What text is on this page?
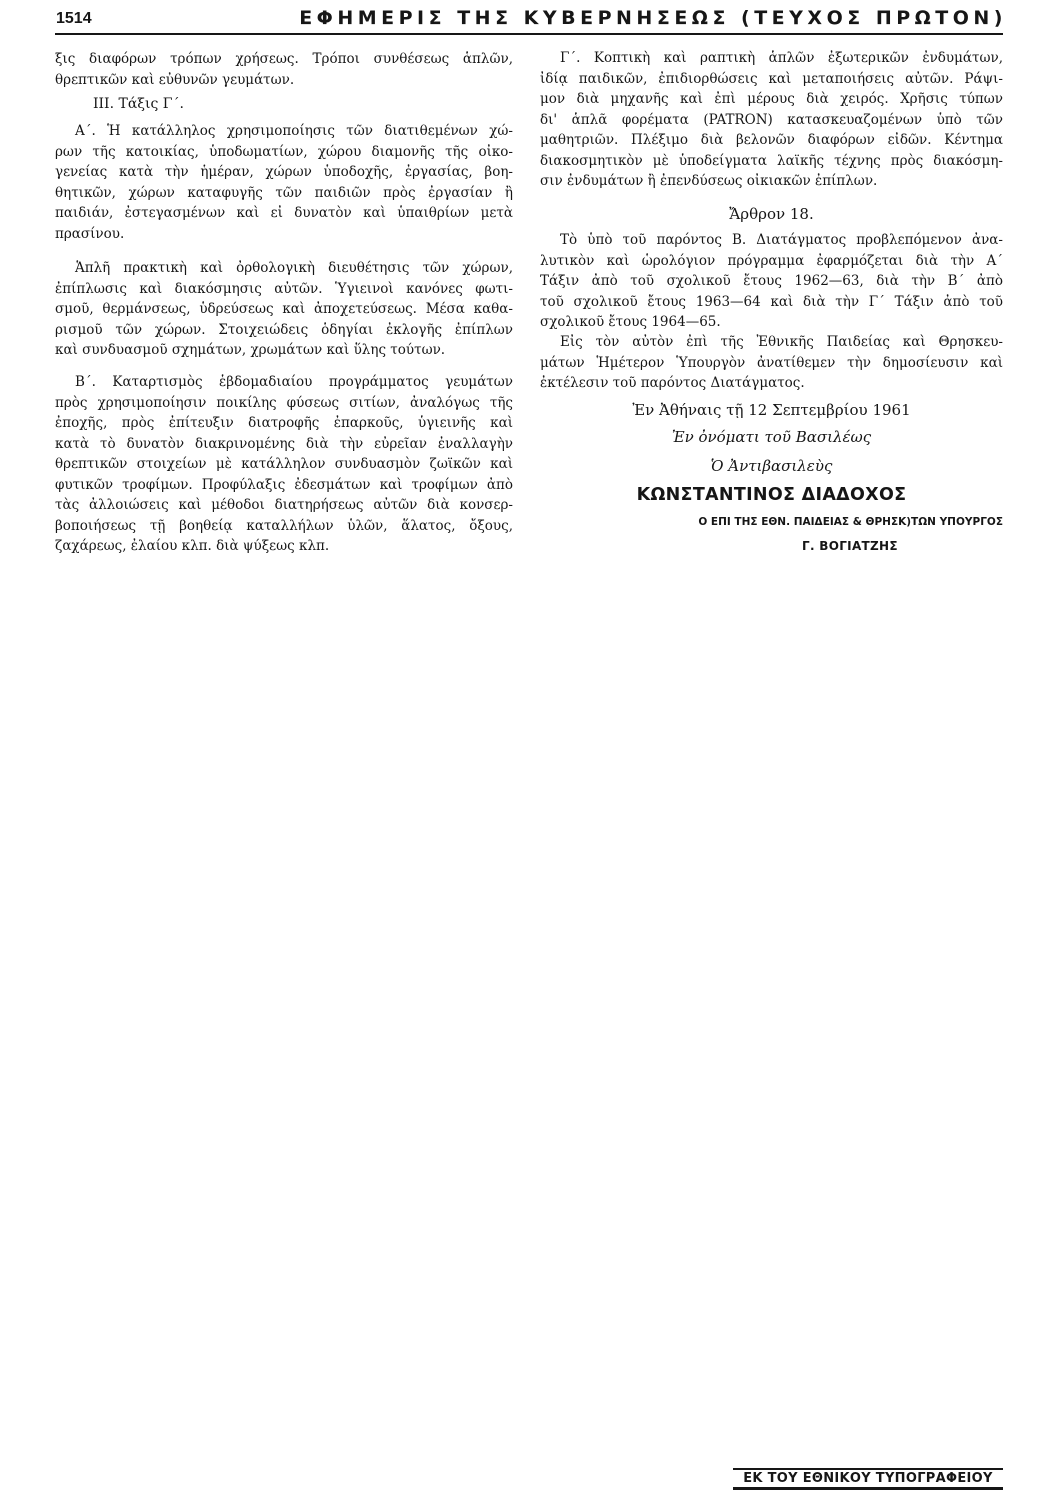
1514	ΕΦΗΜΕΡΙΣ ΤΗΣ ΚΥΒΕΡΝΗΣΕΩΣ (ΤΕΥΧΟΣ ΠΡΩΤΟΝ)
ξις διαφόρων τρόπων χρήσεως. Τρόποι συνθέσεως ἁπλῶν,
θρεπτικῶν καὶ εὐθυνῶν γευμάτων.
III. Τάξις Γ΄.
Α΄. Ἡ κατάλληλος χρησιμοποίησις τῶν διατιθεμένων χώ-
ρων τῆς κατοικίας, ὑποδωματίων, χώρου διαμονῆς τῆς οἰκο-
γενείας κατὰ τὴν ἡμέραν, χώρων ὑποδοχῆς, ἐργασίας, βοη-
θητικῶν, χώρων καταφυγῆς τῶν παιδιῶν πρὸς ἐργασίαν ἢ
παιδιάν, ἐστεγασμένων καὶ εἰ δυνατὸν καὶ ὑπαιθρίων μετὰ
πρασίνου.
Ἁπλῆ πρακτικὴ καὶ ὀρθολογικὴ διευθέτησις τῶν χώρων,
ἐπίπλωσις καὶ διακόσμησις αὐτῶν. Ὑγιεινοὶ κανόνες φωτι-
σμοῦ, θερμάνσεως, ὑδρεύσεως καὶ ἀποχετεύσεως. Μέσα καθα-
ρισμοῦ τῶν χώρων. Στοιχειώδεις ὁδηγίαι ἐκλογῆς ἐπίπλων
καὶ συνδυασμοῦ σχημάτων, χρωμάτων καὶ ὕλης τούτων.
Β΄. Καταρτισμὸς ἑβδομαδιαίου προγράμματος γευμάτων
πρὸς χρησιμοποίησιν ποικίλης φύσεως σιτίων, ἀναλόγως τῆς
ἐποχῆς, πρὸς ἐπίτευξιν διατροφῆς ἐπαρκοῦς, ὑγιεινῆς καὶ
κατὰ τὸ δυνατὸν διακρινομένης διὰ τὴν εὐρεῖαν ἐναλλαγὴν
θρεπτικῶν στοιχείων μὲ κατάλληλον συνδυασμὸν ζωϊκῶν καὶ
φυτικῶν τροφίμων. Προφύλαξις ἐδεσμάτων καὶ τροφίμων ἀπὸ
τὰς ἀλλοιώσεις καὶ μέθοδοι διατηρήσεως αὐτῶν διὰ κονσερ-
βοποιήσεως τῇ βοηθείᾳ καταλλήλων ὑλῶν, ἅλατος, ὄξους,
ζαχάρεως, ἐλαίου κλπ. διὰ ψύξεως κλπ.
Γ΄. Κοπτικὴ καὶ ραπτικὴ ἁπλῶν ἐξωτερικῶν ἐνδυμάτων,
ἰδίᾳ παιδικῶν, ἐπιδιορθώσεις καὶ μεταποιήσεις αὐτῶν. Ράψι-
μον διὰ μηχανῆς καὶ ἐπὶ μέρους διὰ χειρός. Χρῆσις τύπων
δι' ἁπλᾶ φορέματα (PATRON) κατασκευαζομένων ὑπὸ τῶν
μαθητριῶν. Πλέξιμο διὰ βελονῶν διαφόρων εἰδῶν. Κέντημα
διακοσμητικὸν μὲ ὑποδείγματα λαϊκῆς τέχνης πρὸς διακόσμη-
σιν ἐνδυμάτων ἢ ἐπενδύσεως οἰκιακῶν ἐπίπλων.
Ἄρθρον 18.
Τὸ ὑπὸ τοῦ παρόντος Β. Διατάγματος προβλεπόμενον ἀνα-
λυτικὸν καὶ ὡρολόγιον πρόγραμμα ἐφαρμόζεται διὰ τὴν Α΄
Τάξιν ἀπὸ τοῦ σχολικοῦ ἔτους 1962—63, διὰ τὴν Β΄ ἀπὸ
τοῦ σχολικοῦ ἔτους 1963—64 καὶ διὰ τὴν Γ΄ Τάξιν ἀπὸ τοῦ
σχολικοῦ ἔτους 1964—65.
Εἰς τὸν αὐτὸν ἐπὶ τῆς Ἐθνικῆς Παιδείας καὶ Θρησκευ-
μάτων Ἡμέτερον Ὑπουργὸν ἀνατίθεμεν τὴν δημοσίευσιν καὶ
ἐκτέλεσιν τοῦ παρόντος Διατάγματος.
Ἐν Ἀθήναις τῇ 12 Σεπτεμβρίου 1961
Ἐν ὀνόματι τοῦ Βασιλέως
Ὁ Ἀντιβασιλεὺς
ΚΩΝΣΤΑΝΤΙΝΟΣ ΔΙΑΔΟΧΟΣ
Ο ΕΠΙ ΤΗΣ ΕΘΝ. ΠΑΙΔΕΙΑΣ & ΘΡΗΣΚ)ΤΩΝ ΥΠΟΥΡΓΟΣ
Γ. ΒΟΓΙΑΤΖΗΣ
ΕΚ ΤΟΥ ΕΘΝΙΚΟΥ ΤΥΠΟΓΡΑΦΕΙΟΥ
